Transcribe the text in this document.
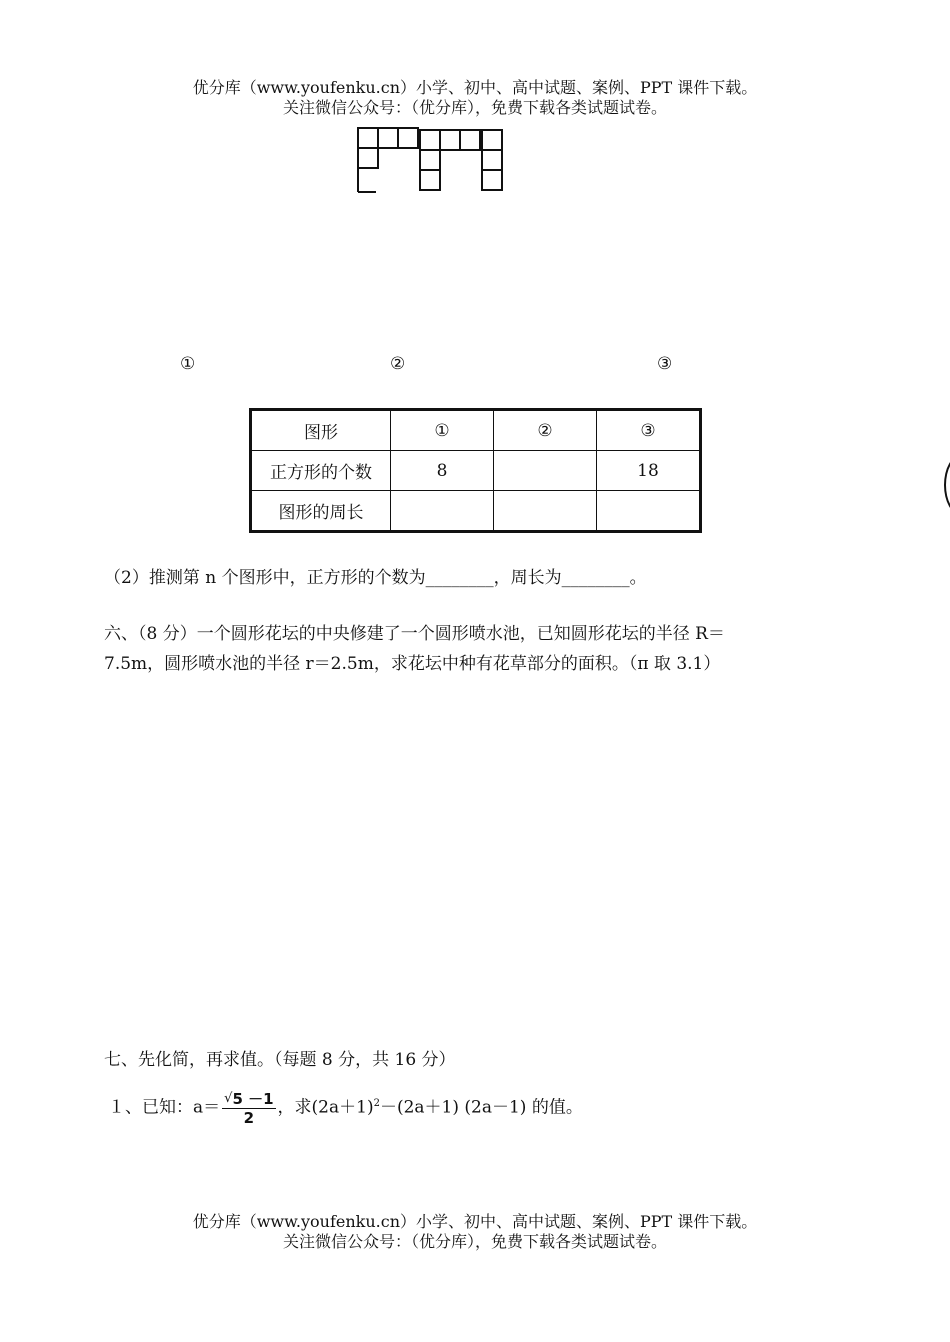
优分库（www.youfenku.cn）小学、初中、高中试题、案例、PPT 课件下载。
关注微信公众号：（优分库），免费下载各类试题试卷。
①	②	③
图形	①	②	③
正方形的个数	8		18
图形的周长			
（2）推测第 n 个图形中，正方形的个数为________，周长为________。
六、（8 分）一个圆形花坛的中央修建了一个圆形喷水池，已知圆形花坛的半径 R＝
7.5m，圆形喷水池的半径 r＝2.5m，求花坛中种有花草部分的面积。（π 取 3.1）
七、先化简，再求值。（每题 8 分，共 16 分）
１、已知：$a= \frac{√5 -1}{2}$ ，求$(2a+1)^2-(2a+1)$ (2a－1) 的值。
优分库（www.youfenku.cn）小学、初中、高中试题、案例、PPT 课件下载。
关注微信公众号：（优分库），免费下载各类试题试卷。
